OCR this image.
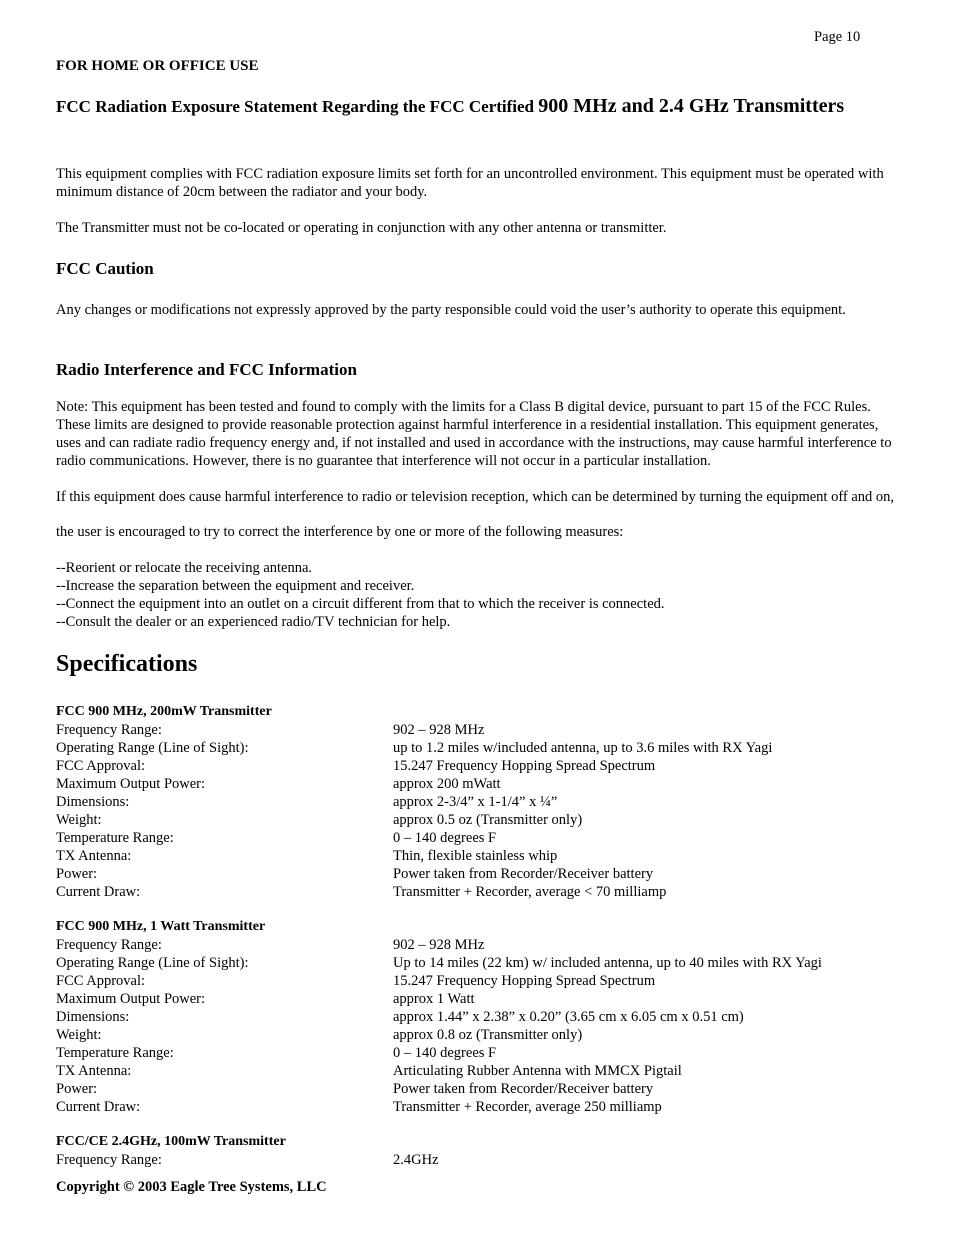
Page 10
FOR HOME OR OFFICE USE
FCC Radiation Exposure Statement Regarding the FCC Certified 900 MHz and 2.4 GHz Transmitters
This equipment complies with FCC radiation exposure limits set forth for an uncontrolled environment. This equipment must be operated with minimum distance of 20cm between the radiator and your body.
The Transmitter must not be co-located or operating in conjunction with any other antenna or transmitter.
FCC Caution
Any changes or modifications not expressly approved by the party responsible could void the user’s authority to operate this equipment.
Radio Interference and FCC Information
Note: This equipment has been tested and found to comply with the limits for a Class B digital device, pursuant to part 15 of the FCC Rules. These limits are designed to provide reasonable protection against harmful interference in a residential installation. This equipment generates, uses and can radiate radio frequency energy and, if not installed and used in accordance with the instructions, may cause harmful interference to radio communications. However, there is no guarantee that interference will not occur in a particular installation.
If this equipment does cause harmful interference to radio or television reception, which can be determined by turning the equipment off and on,
the user is encouraged to try to correct the interference by one or more of the following measures:
--Reorient or relocate the receiving antenna.
--Increase the separation between the equipment and receiver.
--Connect the equipment into an outlet on a circuit different from that to which the receiver is connected.
--Consult the dealer or an experienced radio/TV technician for help.
Specifications
FCC 900 MHz, 200mW Transmitter
Frequency Range:	902 – 928 MHz
Operating Range (Line of Sight):	up to 1.2 miles w/included antenna, up to 3.6 miles with RX Yagi
FCC Approval:	15.247 Frequency Hopping Spread Spectrum
Maximum Output Power:	approx 200 mWatt
Dimensions:	approx 2-3/4” x 1-1/4” x ¼”
Weight:	approx 0.5 oz (Transmitter only)
Temperature Range:	0 – 140 degrees F
TX Antenna:	Thin, flexible stainless whip
Power:	Power taken from Recorder/Receiver battery
Current Draw:	Transmitter + Recorder, average < 70 milliamp
FCC 900 MHz, 1 Watt Transmitter
Frequency Range:	902 – 928 MHz
Operating Range (Line of Sight):	Up to 14 miles (22 km) w/ included antenna, up to 40 miles with RX Yagi
FCC Approval:	15.247 Frequency Hopping Spread Spectrum
Maximum Output Power:	approx 1 Watt
Dimensions:	approx 1.44” x 2.38” x 0.20” (3.65 cm x 6.05 cm x 0.51 cm)
Weight:	approx 0.8 oz (Transmitter only)
Temperature Range:	0 – 140 degrees F
TX Antenna:	Articulating Rubber Antenna with MMCX Pigtail
Power:	Power taken from Recorder/Receiver battery
Current Draw:	Transmitter + Recorder, average 250 milliamp
FCC/CE 2.4GHz, 100mW Transmitter
Frequency Range:	2.4GHz
Copyright © 2003 Eagle Tree Systems, LLC
